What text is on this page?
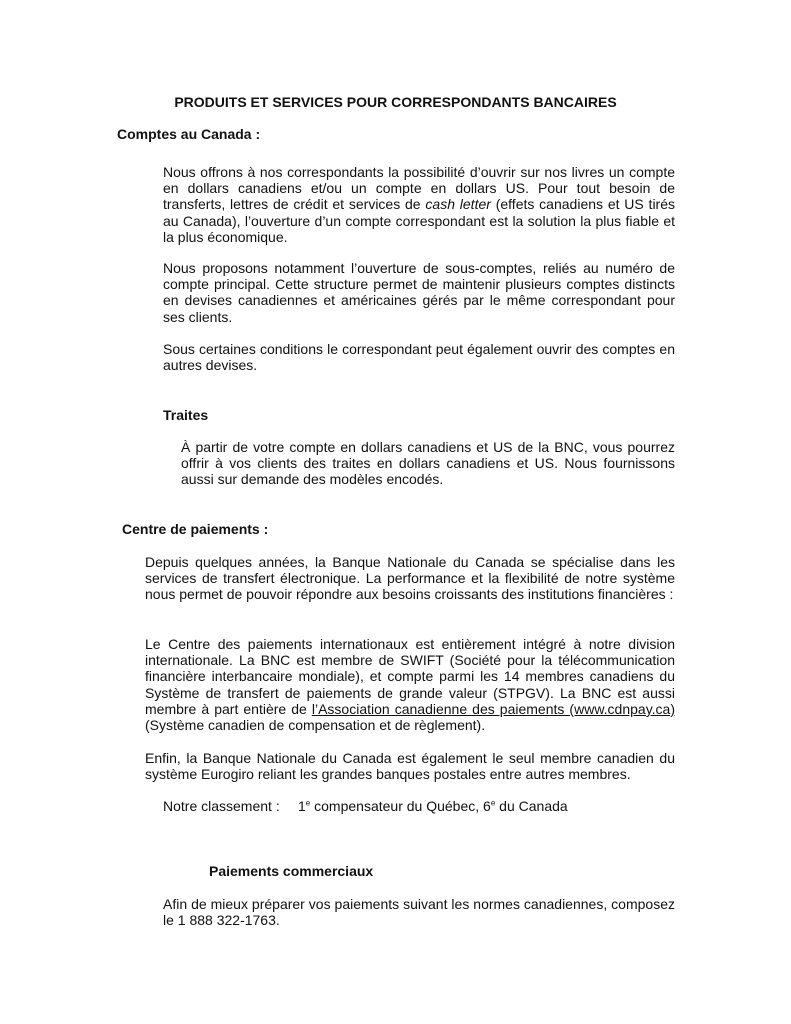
PRODUITS ET SERVICES POUR CORRESPONDANTS BANCAIRES
Comptes au Canada :

Nous offrons à nos correspondants la possibilité d’ouvrir sur nos livres un compte en dollars canadiens et/ou un compte en dollars US. Pour tout besoin de transferts, lettres de crédit et services de cash letter (effets canadiens et US tirés au Canada), l’ouverture d’un compte correspondant est la solution la plus fiable et la plus économique.

Nous proposons notamment l’ouverture de sous-comptes, reliés au numéro de compte principal. Cette structure permet de maintenir plusieurs comptes distincts en devises canadiennes et américaines gérés par le même correspondant pour ses clients.

Sous certaines conditions le correspondant peut également ouvrir des comptes en autres devises.

Traites

À partir de votre compte en dollars canadiens et US de la BNC, vous pourrez offrir à vos clients des traites en dollars canadiens et US. Nous fournissons aussi sur demande des modèles encodés.

Centre de paiements :

Depuis quelques années, la Banque Nationale du Canada se spécialise dans les services de transfert électronique. La performance et la flexibilité de notre système nous permet de pouvoir répondre aux besoins croissants des institutions financières :

Le Centre des paiements internationaux est entièrement intégré à notre division internationale. La BNC est membre de SWIFT (Société pour la télécommunication financière interbancaire mondiale), et compte parmi les 14 membres canadiens du Système de transfert de paiements de grande valeur (STPGV). La BNC est aussi membre à part entière de l’Association canadienne des paiements (www.cdnpay.ca) (Système canadien de compensation et de règlement).

Enfin, la Banque Nationale du Canada est également le seul membre canadien du système Eurogiro reliant les grandes banques postales entre autres membres.

Notre classement : 1e compensateur du Québec, 6e du Canada
Paiements commerciaux

Afin de mieux préparer vos paiements suivant les normes canadiennes, composez le 1 888 322-1763.
